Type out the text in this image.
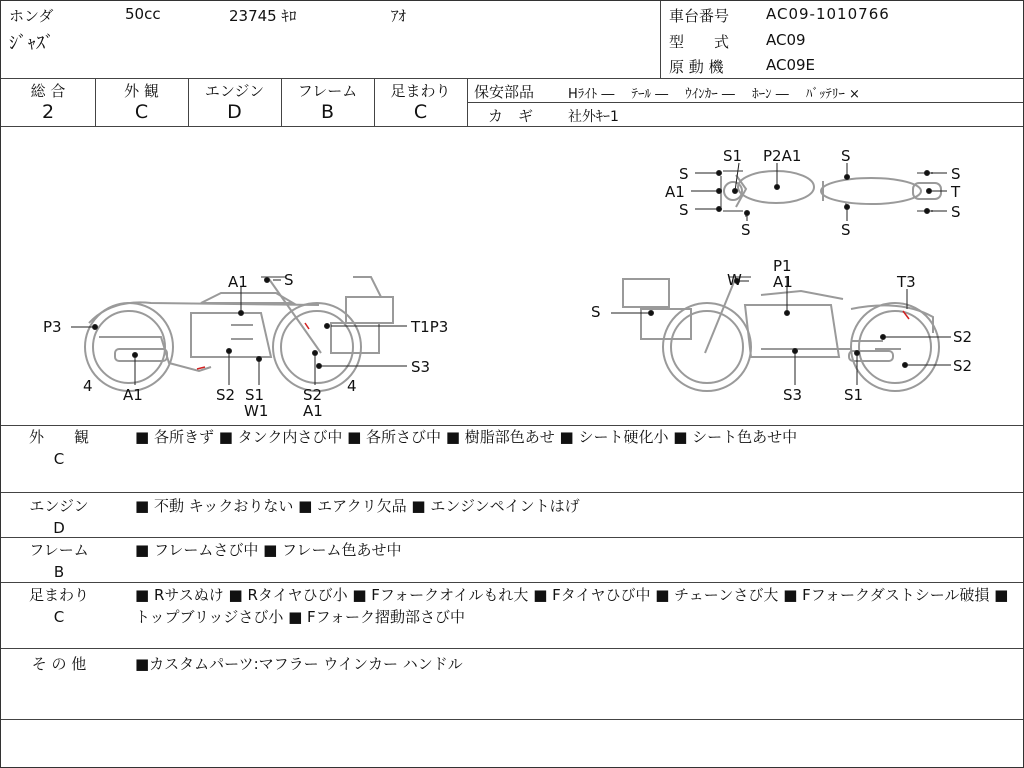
ホンダ	50cc	23745 ｷﾛ	ｱｵ
ｼﾞｬｽﾞ
車台番号 AC09-1010766
型　　式 AC09
原 動 機	AC09E
総 合
2
外 観
C
エンジン
D
フレーム
B
足まわり
C
保安部品	Hﾗｲﾄ ―　 ﾃｰﾙ ―　 ｳｲﾝｶｰ ―　 ﾎｰﾝ ―　 ﾊﾞｯﾃﾘｰ ×
カ　ギ 社外ｷｰ1
S1 P2A1	S
S
A1
S
S	S
T
S
S
A1 S
P3	T1P3
S3
4 A1	S2 S1
W1
S2
A1
4
P1
W A1	T3
S
S2
S2
S3	S1
外　　観
C
■ 各所きず ■ タンク内さび中 ■ 各所さび中 ■ 樹脂部色あせ ■ シート硬化小 ■ シート色あせ中
エンジン
D
■ 不動 キックおりない ■ エアクリ欠品 ■ エンジンペイントはげ
フレーム
B
■ フレームさび中 ■ フレーム色あせ中
足まわり
C
■ Rサスぬけ ■ Rタイヤひび小 ■ Fフォークオイルもれ大 ■ Fタイヤひび中 ■ チェーンさび大 ■ Fフォークダストシール破損 ■ トップブリッジさび小 ■ Fフォーク摺動部さび中
そ の 他	■カスタムパーツ:マフラー ウインカー ハンドル
